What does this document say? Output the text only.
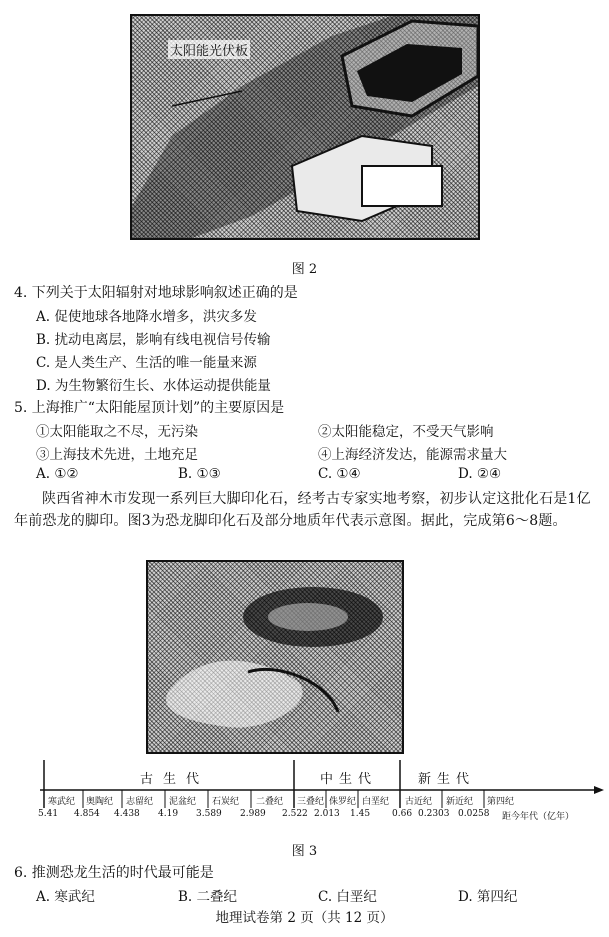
太阳能光伏板
图 2
4. 下列关于太阳辐射对地球影响叙述正确的是
A. 促使地球各地降水增多，洪灾多发
B. 扰动电离层，影响有线电视信号传输
C. 是人类生产、生活的唯一能量来源
D. 为生物繁衍生长、水体运动提供能量
5. 上海推广“太阳能屋顶计划”的主要原因是
①太阳能取之不尽，无污染	②太阳能稳定，不受天气影响
③上海技术先进，土地充足	④上海经济发达，能源需求量大
A. ①②	B. ①③	C. ①④	D. ②④
陕西省神木市发现一系列巨大脚印化石，经考古专家实地考察，初步认定这批化石是1亿年前恐龙的脚印。图3为恐龙脚印化石及部分地质年代表示意图。据此，完成第6～8题。
古生代	中生代	新生代
寒武纪 奥陶纪 志留纪 泥盆纪 石炭纪 二叠纪 三叠纪 侏罗纪 白垩纪 古近纪 新近纪 第四纪
5.41 4.854 4.438 4.19 3.589 2.989 2.522 2.013 1.45 0.66 0.2303 0.0258 距今年代（亿年）
图 3
6. 推测恐龙生活的时代最可能是
A. 寒武纪	B. 二叠纪	C. 白垩纪	D. 第四纪
地理试卷第 2 页（共 12 页）
